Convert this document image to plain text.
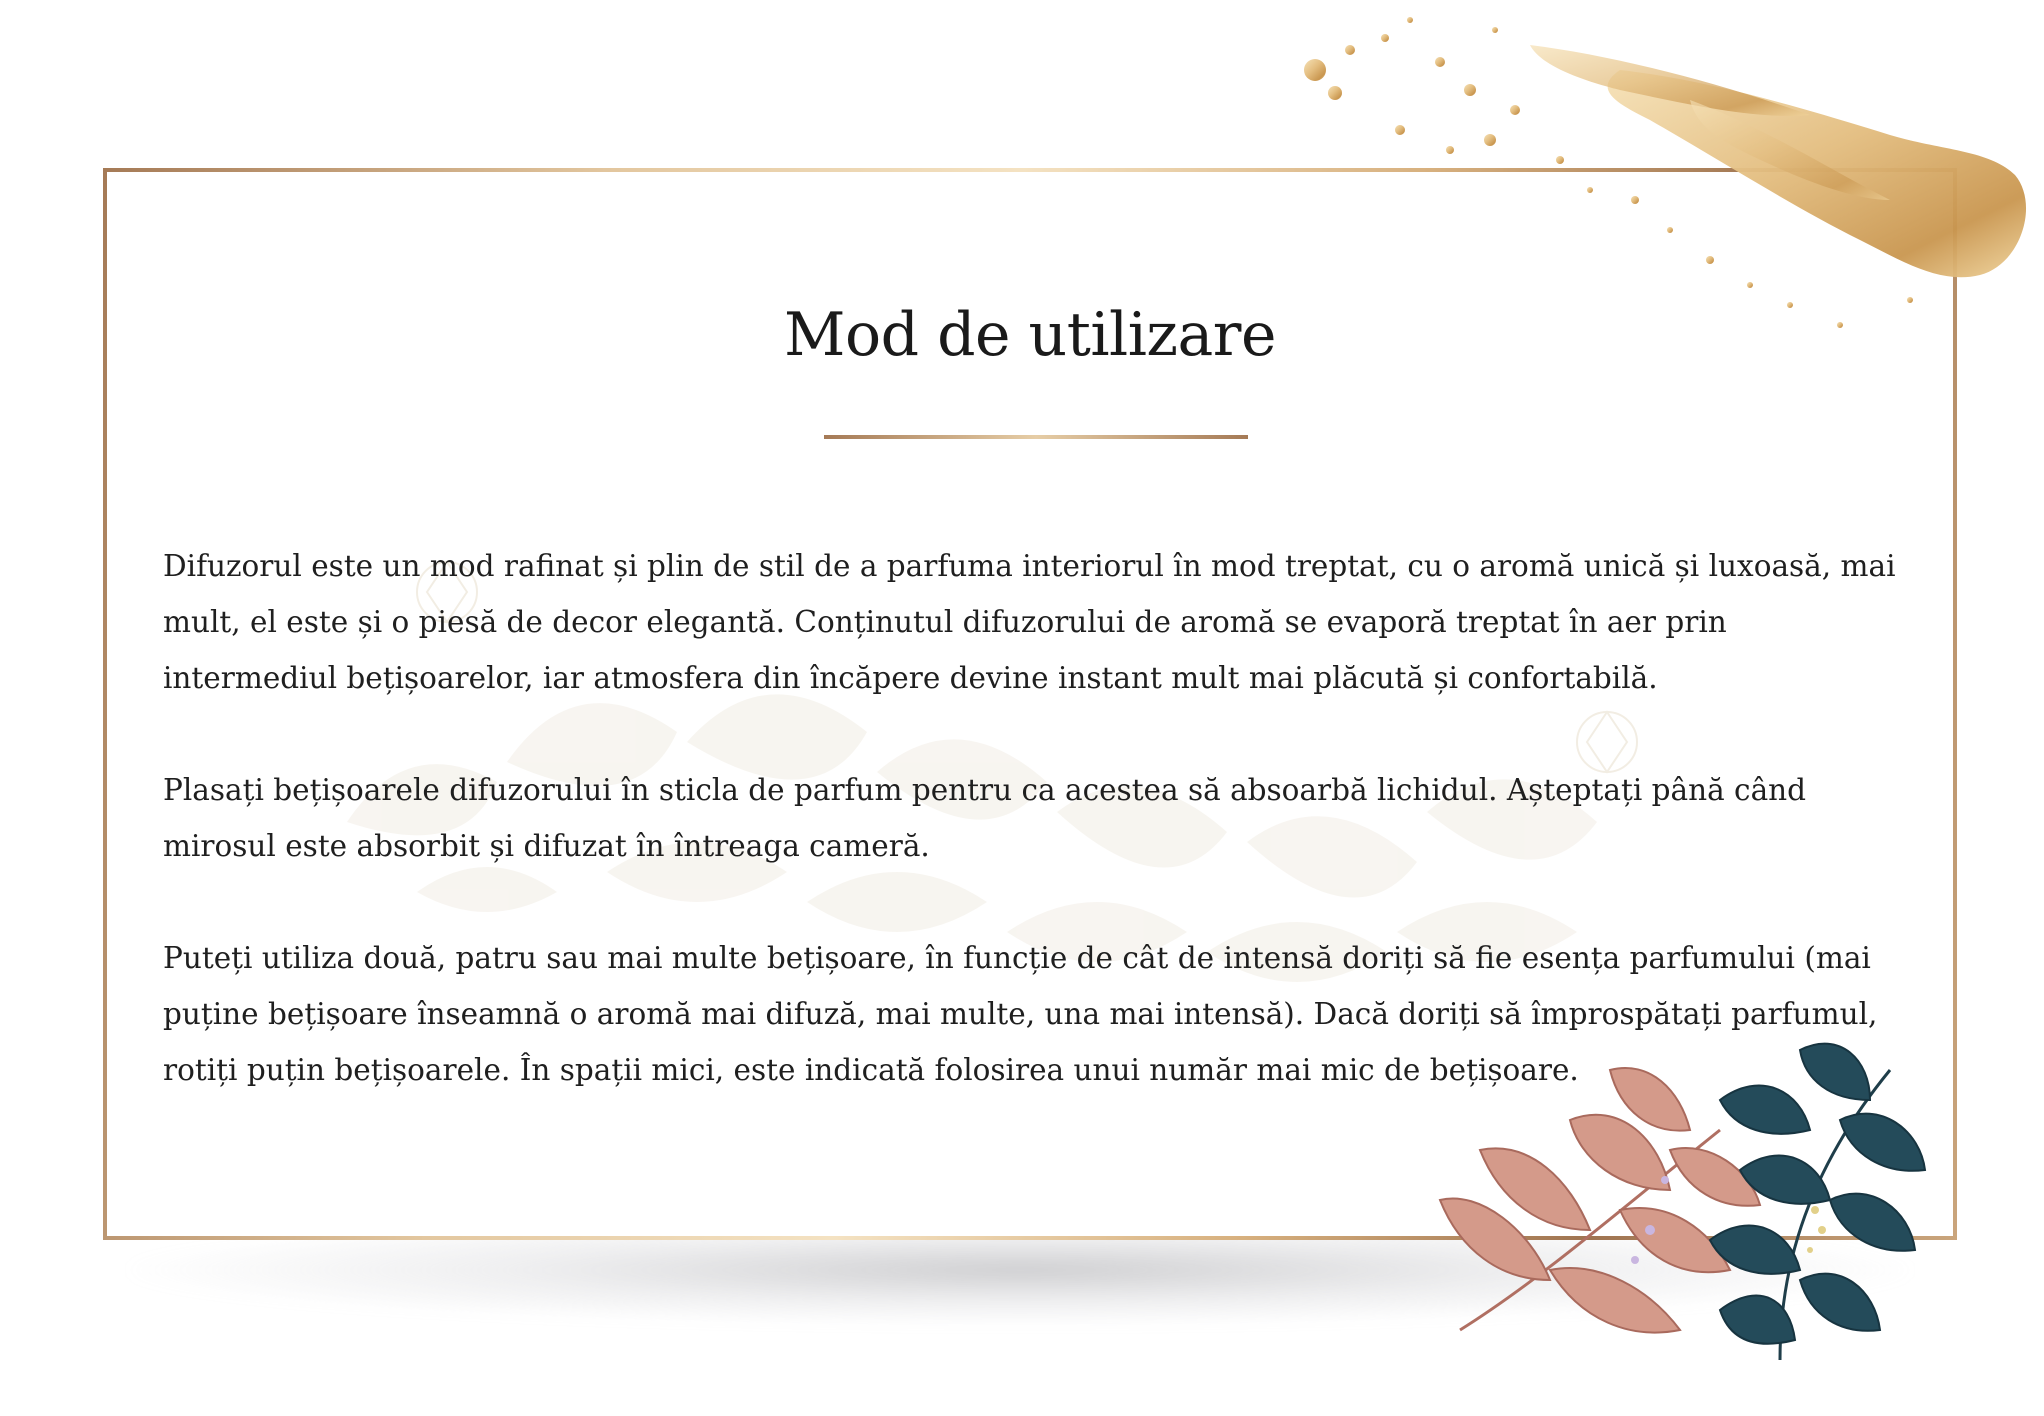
Mod de utilizare

Difuzorul este un mod rafinat și plin de stil de a parfuma interiorul în mod treptat, cu o aromă unică și luxoasă, mai mult, el este și o piesă de decor elegantă. Conținutul difuzorului de aromă se evaporă treptat în aer prin intermediul bețișoarelor, iar atmosfera din încăpere devine instant mult mai plăcută și confortabilă.

Plasați bețișoarele difuzorului în sticla de parfum pentru ca acestea să absoarbă lichidul. Așteptați până când mirosul este absorbit și difuzat în întreaga cameră.

Puteți utiliza două, patru sau mai multe bețișoare, în funcție de cât de intensă doriți să fie esența parfumului (mai puține bețișoare înseamnă o aromă mai difuză, mai multe, una mai intensă). Dacă doriți să împrospătați parfumul, rotiți puțin bețișoarele. În spații mici, este indicată folosirea unui număr mai mic de bețișoare.
